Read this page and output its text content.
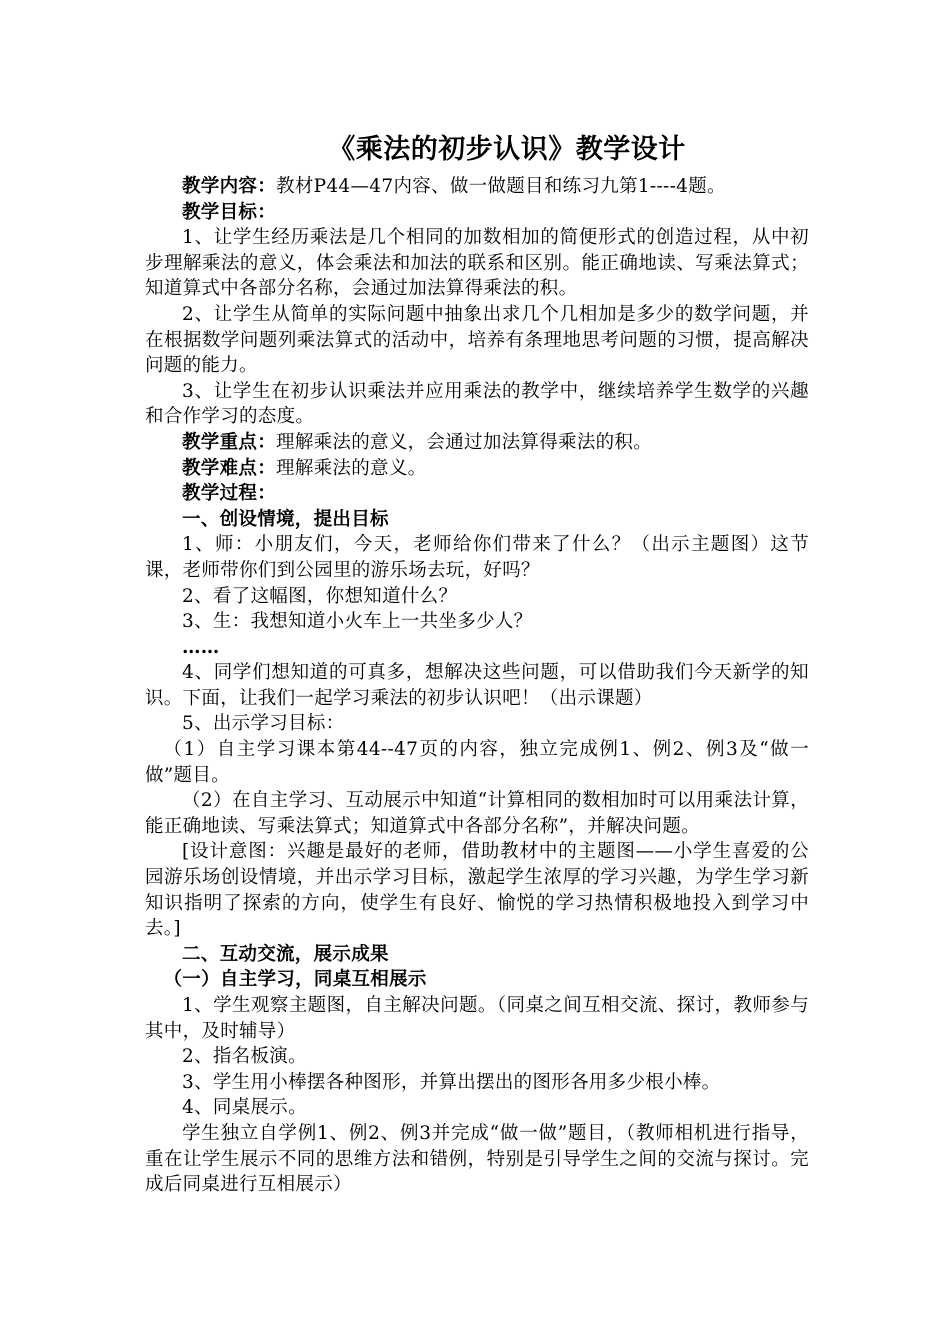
《乘法的初步认识》教学设计

教学内容：教材P44—47内容、做一做题目和练习九第1----4题。

教学目标：

1、让学生经历乘法是几个相同的加数相加的简便形式的创造过程，从中初步理解乘法的意义，体会乘法和加法的联系和区别。能正确地读、写乘法算式；知道算式中各部分名称，会通过加法算得乘法的积。

2、让学生从简单的实际问题中抽象出求几个几相加是多少的数学问题，并在根据数学问题列乘法算式的活动中，培养有条理地思考问题的习惯，提高解决问题的能力。

3、让学生在初步认识乘法并应用乘法的教学中，继续培养学生数学的兴趣和合作学习的态度。

教学重点：理解乘法的意义，会通过加法算得乘法的积。

教学难点：理解乘法的意义。

教学过程：

一、创设情境，提出目标

1、师：小朋友们，今天，老师给你们带来了什么？（出示主题图）这节课，老师带你们到公园里的游乐场去玩，好吗？

2、看了这幅图，你想知道什么？

3、生：我想知道小火车上一共坐多少人？

……

4、同学们想知道的可真多，想解决这些问题，可以借助我们今天新学的知识。下面，让我们一起学习乘法的初步认识吧！（出示课题）

5、出示学习目标：

（1）自主学习课本第44--47页的内容，独立完成例1、例2、例3及“做一做”题目。

（2）在自主学习、互动展示中知道“计算相同的数相加时可以用乘法计算，能正确地读、写乘法算式；知道算式中各部分名称”，并解决问题。

[设计意图：兴趣是最好的老师，借助教材中的主题图——小学生喜爱的公园游乐场创设情境，并出示学习目标，激起学生浓厚的学习兴趣，为学生学习新知识指明了探索的方向，使学生有良好、愉悦的学习热情积极地投入到学习中去。]

二、互动交流，展示成果

（一）自主学习，同桌互相展示

1、学生观察主题图，自主解决问题。（同桌之间互相交流、探讨，教师参与其中，及时辅导）

2、指名板演。

3、学生用小棒摆各种图形，并算出摆出的图形各用多少根小棒。

4、同桌展示。

学生独立自学例1、例2、例3并完成“做一做”题目，（教师相机进行指导，重在让学生展示不同的思维方法和错例，特别是引导学生之间的交流与探讨。完成后同桌进行互相展示）
